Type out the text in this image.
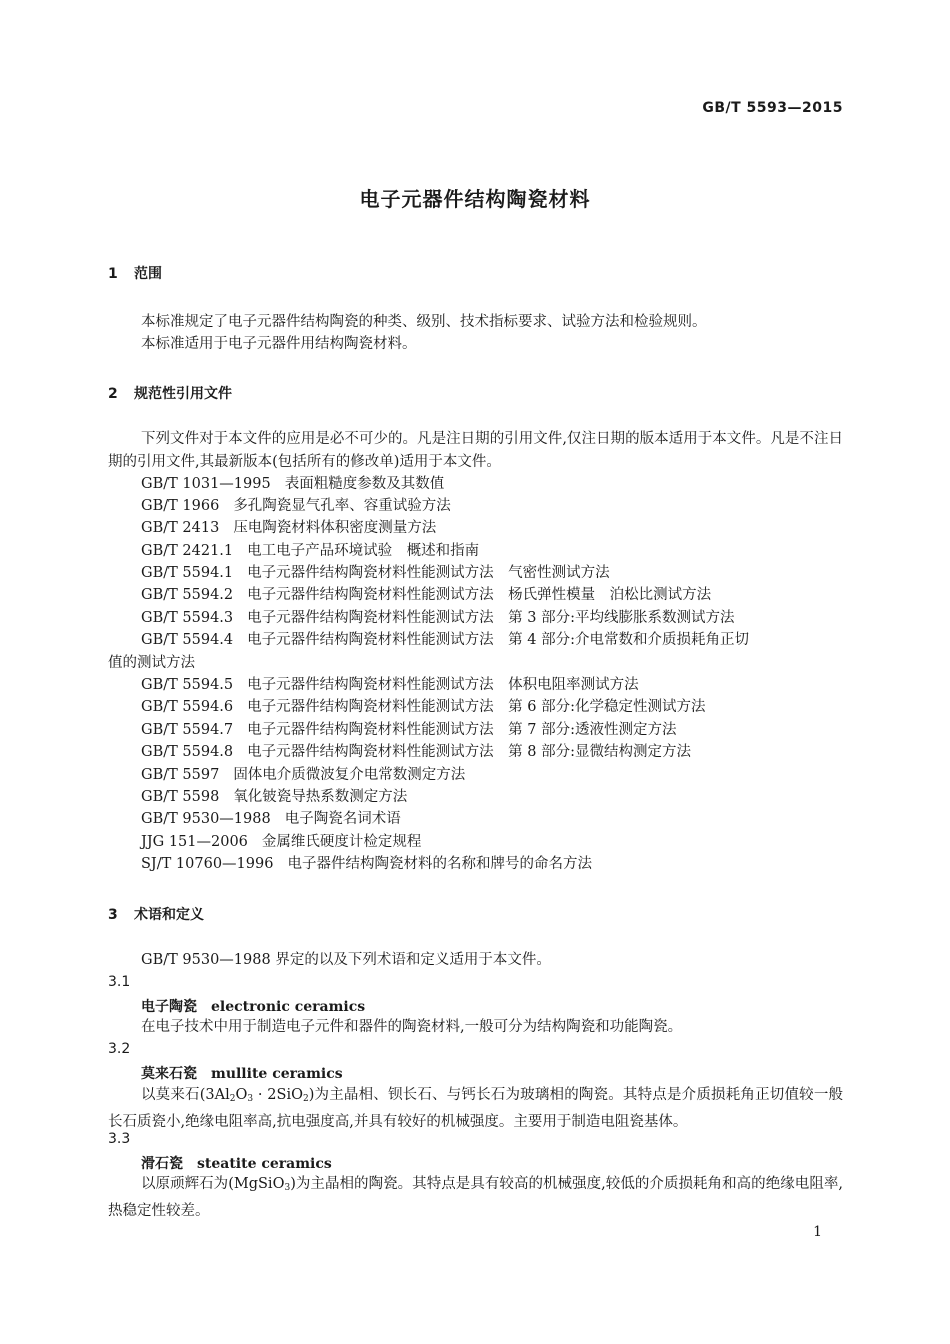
GB/T 5593—2015
电子元器件结构陶瓷材料
1 范围
本标准规定了电子元器件结构陶瓷的种类、级别、技术指标要求、试验方法和检验规则。
本标准适用于电子元器件用结构陶瓷材料。
2 规范性引用文件
下列文件对于本文件的应用是必不可少的。凡是注日期的引用文件,仅注日期的版本适用于本文件。凡是不注日期的引用文件,其最新版本(包括所有的修改单)适用于本文件。
GB/T 1031—1995 表面粗糙度参数及其数值
GB/T 1966 多孔陶瓷显气孔率、容重试验方法
GB/T 2413 压电陶瓷材料体积密度测量方法
GB/T 2421.1 电工电子产品环境试验　概述和指南
GB/T 5594.1 电子元器件结构陶瓷材料性能测试方法　气密性测试方法
GB/T 5594.2 电子元器件结构陶瓷材料性能测试方法　杨氏弹性模量　泊松比测试方法
GB/T 5594.3 电子元器件结构陶瓷材料性能测试方法　第 3 部分:平均线膨胀系数测试方法
GB/T 5594.4 电子元器件结构陶瓷材料性能测试方法　第 4 部分:介电常数和介质损耗角正切
值的测试方法
GB/T 5594.5 电子元器件结构陶瓷材料性能测试方法　体积电阻率测试方法
GB/T 5594.6 电子元器件结构陶瓷材料性能测试方法　第 6 部分:化学稳定性测试方法
GB/T 5594.7 电子元器件结构陶瓷材料性能测试方法　第 7 部分:透液性测定方法
GB/T 5594.8 电子元器件结构陶瓷材料性能测试方法　第 8 部分:显微结构测定方法
GB/T 5597 固体电介质微波复介电常数测定方法
GB/T 5598 氧化铍瓷导热系数测定方法
GB/T 9530—1988 电子陶瓷名词术语
JJG 151—2006 金属维氏硬度计检定规程
SJ/T 10760—1996 电子器件结构陶瓷材料的名称和牌号的命名方法
3 术语和定义
GB/T 9530—1988 界定的以及下列术语和定义适用于本文件。
3.1
电子陶瓷 electronic ceramics
在电子技术中用于制造电子元件和器件的陶瓷材料,一般可分为结构陶瓷和功能陶瓷。
3.2
莫来石瓷 mullite ceramics
以莫来石$(3Al_2O_3 \cdot 2SiO_2)$为主晶相、钡长石、与钙长石为玻璃相的陶瓷。其特点是介质损耗角正切值较一般长石质瓷小,绝缘电阻率高,抗电强度高,并具有较好的机械强度。主要用于制造电阻瓷基体。
3.3
滑石瓷 steatite ceramics
以原顽辉石为(MgSiO$_3$)为主晶相的陶瓷。其特点是具有较高的机械强度,较低的介质损耗角和高的绝缘电阻率,热稳定性较差。
1
